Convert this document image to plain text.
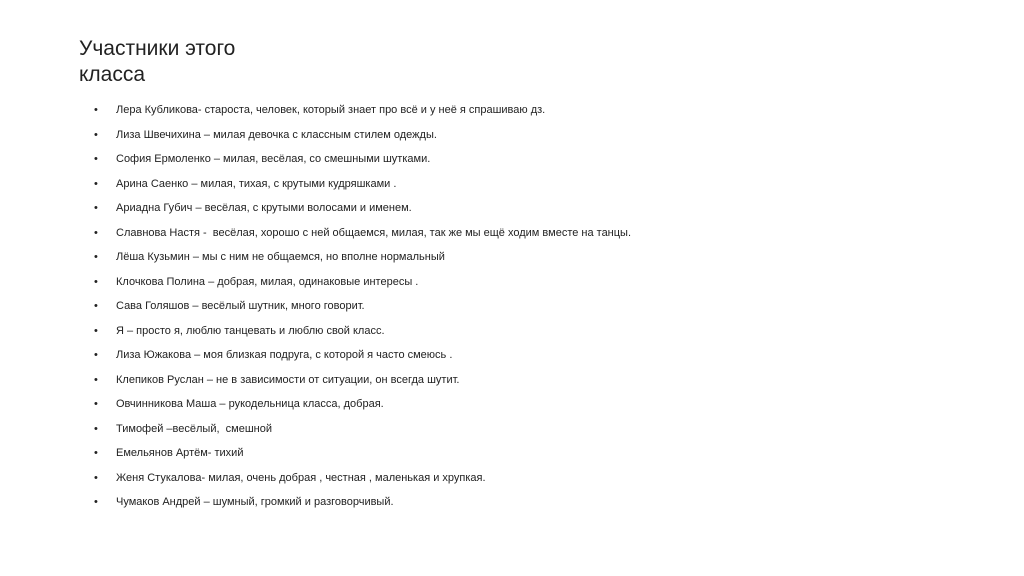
Участники этого
класса
•	Лера Кубликова- староста, человек, который знает про всё и у неё я спрашиваю дз.
•	Лиза Швечихина – милая девочка с классным стилем одежды.
•	София Ермоленко – милая, весёлая, со смешными шутками.
•	Арина Саенко – милая, тихая, с крутыми кудряшками .
•	Ариадна Губич – весёлая, с крутыми волосами и именем.
•	Славнова Настя -  весёлая, хорошо с ней общаемся, милая, так же мы ещё ходим вместе на танцы.
•	Лёша Кузьмин – мы с ним не общаемся, но вполне нормальный
•	Клочкова Полина – добрая, милая, одинаковые интересы .
•	Сава Голяшов – весёлый шутник, много говорит.
•	Я – просто я, люблю танцевать и люблю свой класс.
•	Лиза Южакова – моя близкая подруга, с которой я часто смеюсь .
•	Клепиков Руслан – не в зависимости от ситуации, он всегда шутит.
•	Овчинникова Маша – рукодельница класса, добрая.
•	Тимофей –весёлый,  смешной
•	Емельянов Артём- тихий
•	Женя Стукалова- милая, очень добрая , честная , маленькая и хрупкая.
•	Чумаков Андрей – шумный, громкий и разговорчивый.
